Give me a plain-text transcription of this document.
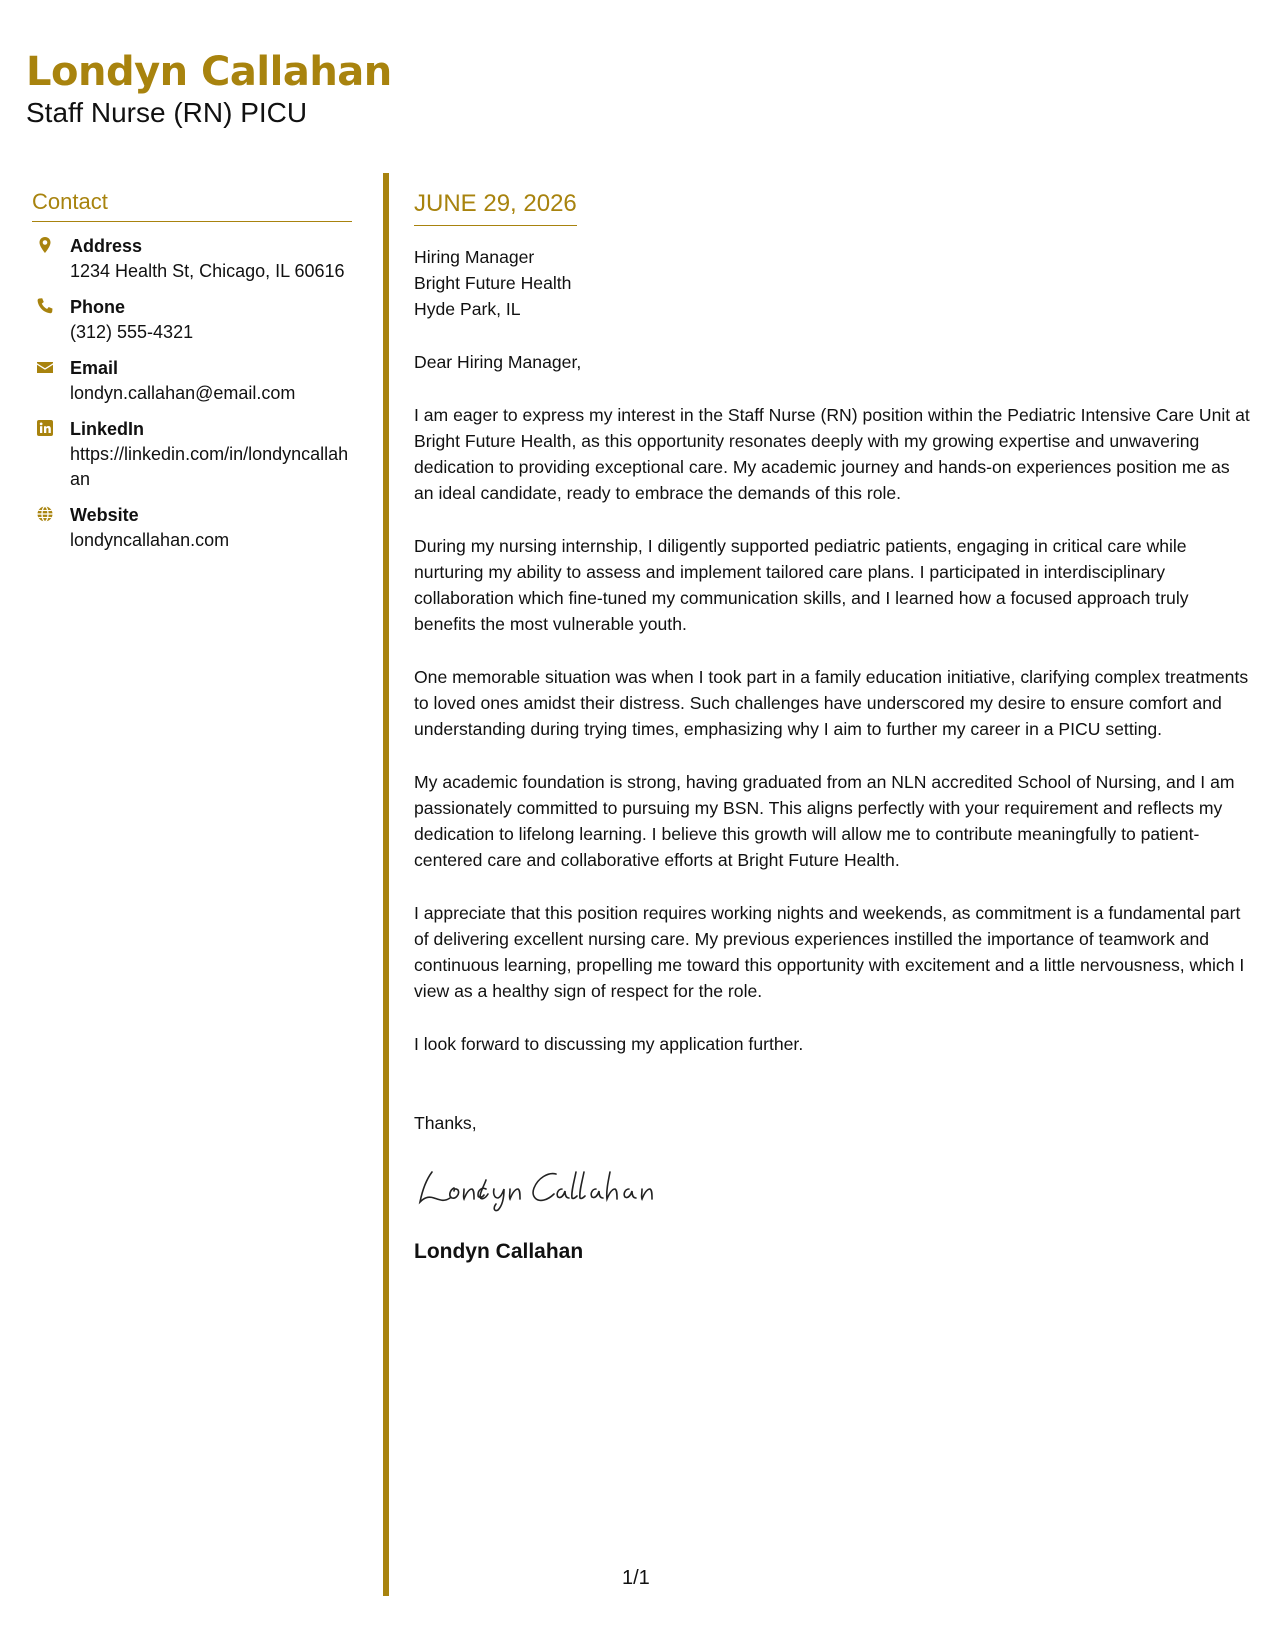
Londyn Callahan
Staff Nurse (RN) PICU
Contact
Address
1234 Health St, Chicago, IL 60616
Phone
(312) 555-4321
Email
londyn.callahan@email.com
LinkedIn
https://linkedin.com/in/londyncallahan
Website
londyncallahan.com
JUNE 29, 2026
Hiring Manager
Bright Future Health
Hyde Park, IL
Dear Hiring Manager,
I am eager to express my interest in the Staff Nurse (RN) position within the Pediatric Intensive Care Unit at Bright Future Health, as this opportunity resonates deeply with my growing expertise and unwavering dedication to providing exceptional care. My academic journey and hands-on experiences position me as an ideal candidate, ready to embrace the demands of this role.
During my nursing internship, I diligently supported pediatric patients, engaging in critical care while nurturing my ability to assess and implement tailored care plans. I participated in interdisciplinary collaboration which fine-tuned my communication skills, and I learned how a focused approach truly benefits the most vulnerable youth.
One memorable situation was when I took part in a family education initiative, clarifying complex treatments to loved ones amidst their distress. Such challenges have underscored my desire to ensure comfort and understanding during trying times, emphasizing why I aim to further my career in a PICU setting.
My academic foundation is strong, having graduated from an NLN accredited School of Nursing, and I am passionately committed to pursuing my BSN. This aligns perfectly with your requirement and reflects my dedication to lifelong learning. I believe this growth will allow me to contribute meaningfully to patient-centered care and collaborative efforts at Bright Future Health.
I appreciate that this position requires working nights and weekends, as commitment is a fundamental part of delivering excellent nursing care. My previous experiences instilled the importance of teamwork and continuous learning, propelling me toward this opportunity with excitement and a little nervousness, which I view as a healthy sign of respect for the role.
I look forward to discussing my application further.
Thanks,
Londyn Callahan
1/1
